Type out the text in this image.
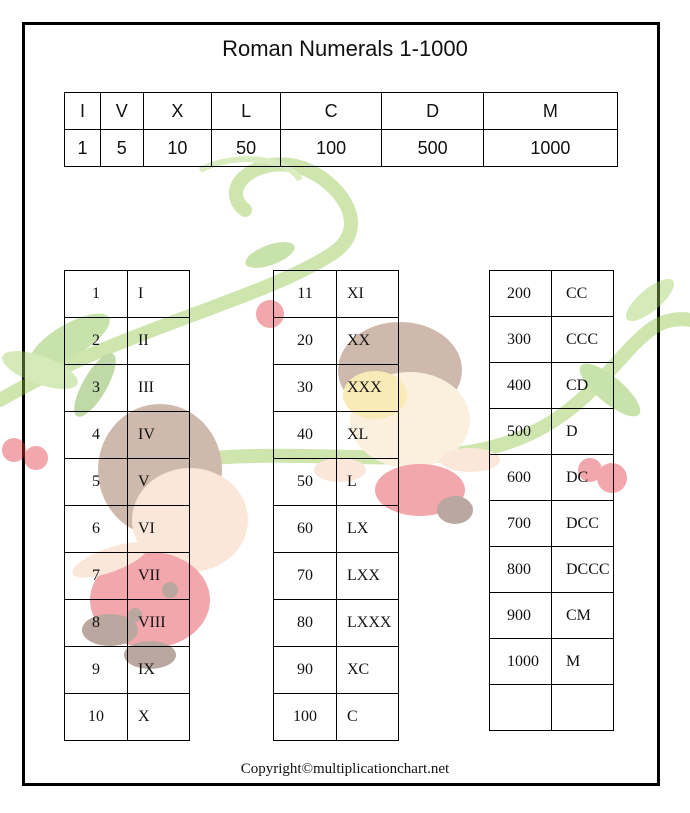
Roman Numerals 1-1000
I	V	X	L	C	D	M
1	5	10	50	100	500	1000
1	I
2	II
3	III
4	IV
5	V
6	VI
7	VII
8	VIII
9	IX
10	X
11	XI
20	XX
30	XXX
40	XL
50	L
60	LX
70	LXX
80	LXXX
90	XC
100	C
200	CC
300	CCC
400	CD
500	D
600	DC
700	DCC
800	DCCC
900	CM
1000	M

Copyright©multiplicationchart.net
